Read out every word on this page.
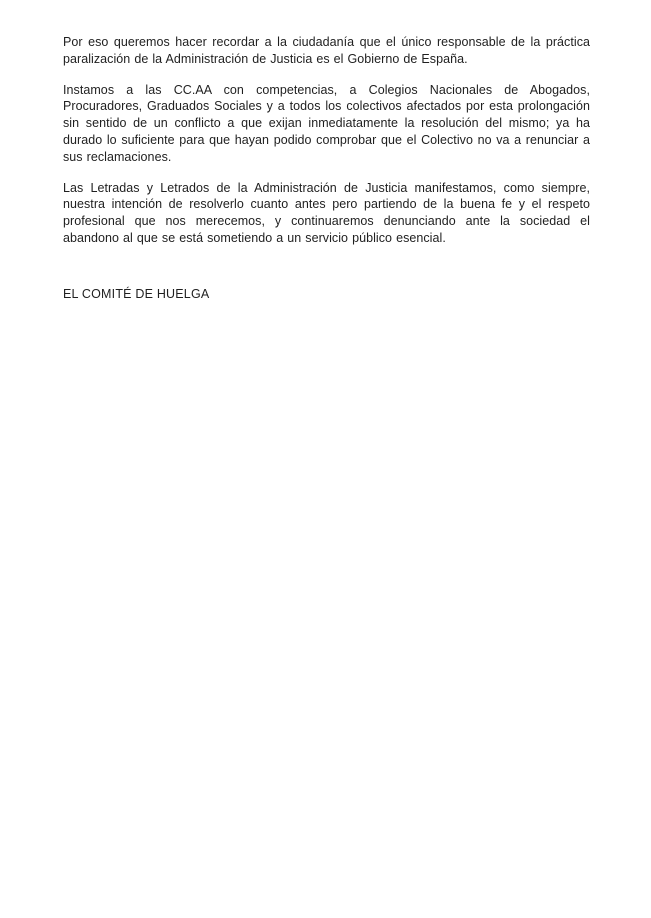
Por eso queremos hacer recordar a la ciudadanía que el único responsable de la práctica paralización de la Administración de Justicia es el Gobierno de España.

Instamos a las CC.AA con competencias, a Colegios Nacionales de Abogados, Procuradores, Graduados Sociales y a todos los colectivos afectados por esta prolongación sin sentido de un conflicto a que exijan inmediatamente la resolución del mismo; ya ha durado lo suficiente para que hayan podido comprobar que el Colectivo no va a renunciar a sus reclamaciones.

Las Letradas y Letrados de la Administración de Justicia manifestamos, como siempre, nuestra intención de resolverlo cuanto antes pero partiendo de la buena fe y el respeto profesional que nos merecemos, y continuaremos denunciando ante la sociedad el abandono al que se está sometiendo a un servicio público esencial.

EL COMITÉ DE HUELGA
